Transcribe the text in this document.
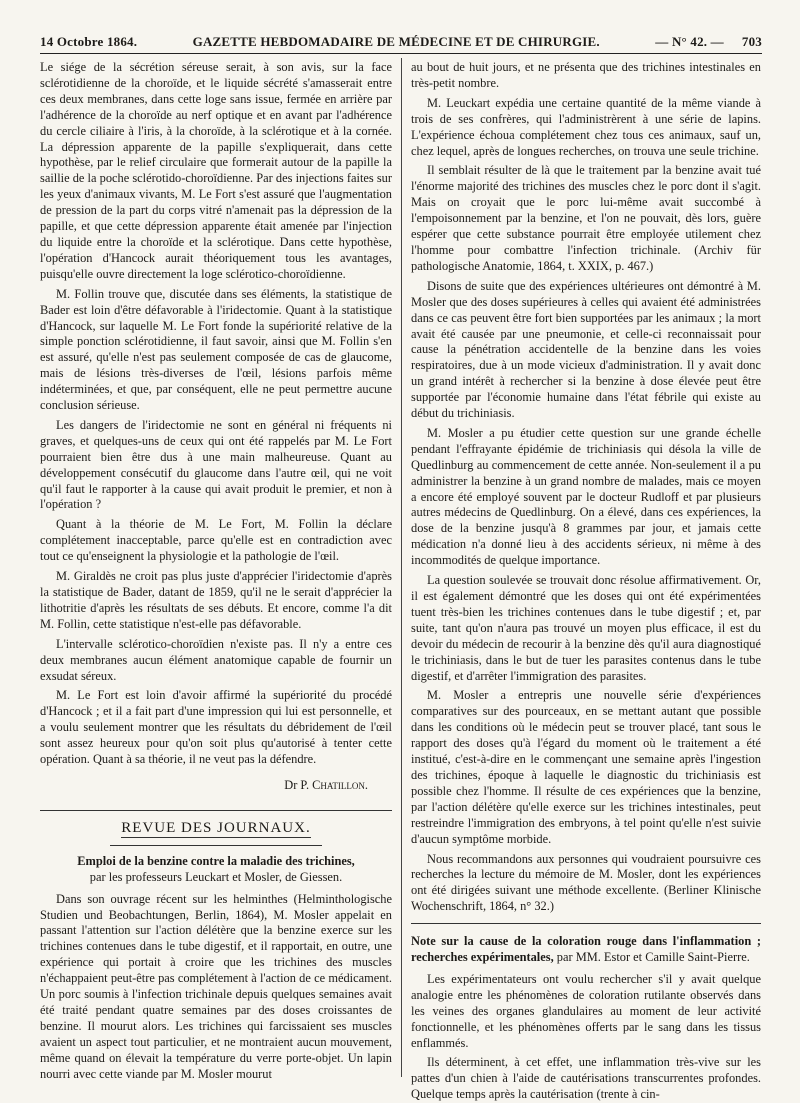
14 Octobre 1864.	GAZETTE HEBDOMADAIRE DE MÉDECINE ET DE CHIRURGIE.	— N° 42. — 703

Le siége de la sécrétion séreuse serait, à son avis, sur la face sclérotidienne de la choroïde, et le liquide sécrété s'amasserait entre ces deux membranes, dans cette loge sans issue, fermée en arrière par l'adhérence de la choroïde au nerf optique et en avant par l'adhérence du cercle ciliaire à l'iris, à la choroïde, à la sclérotique et à la cornée. La dépression apparente de la papille s'expliquerait, dans cette hypothèse, par le relief circulaire que formerait autour de la papille la saillie de la poche sclérotido-choroïdienne. Par des injections faites sur les yeux d'animaux vivants, M. Le Fort s'est assuré que l'augmentation de pression de la part du corps vitré n'amenait pas la dépression de la papille, et que cette dépression apparente était amenée par l'injection du liquide entre la choroïde et la sclérotique. Dans cette hypothèse, l'opération d'Hancock aurait théoriquement tous les avantages, puisqu'elle ouvre directement la loge sclérotico-choroïdienne.

M. Follin trouve que, discutée dans ses éléments, la statistique de Bader est loin d'être défavorable à l'iridectomie. Quant à la statistique d'Hancock, sur laquelle M. Le Fort fonde la supériorité relative de la simple ponction sclérotidienne, il faut savoir, ainsi que M. Follin s'en est assuré, qu'elle n'est pas seulement composée de cas de glaucome, mais de lésions très-diverses de l'œil, lésions parfois même indéterminées, et que, par conséquent, elle ne peut permettre aucune conclusion sérieuse.

Les dangers de l'iridectomie ne sont en général ni fréquents ni graves, et quelques-uns de ceux qui ont été rappelés par M. Le Fort pourraient bien être dus à une main malheureuse. Quant au développement consécutif du glaucome dans l'autre œil, qui ne voit qu'il faut le rapporter à la cause qui avait produit le premier, et non à l'opération ?

Quant à la théorie de M. Le Fort, M. Follin la déclare complétement inacceptable, parce qu'elle est en contradiction avec tout ce qu'enseignent la physiologie et la pathologie de l'œil.

M. Giraldès ne croit pas plus juste d'apprécier l'iridectomie d'après la statistique de Bader, datant de 1859, qu'il ne le serait d'apprécier la lithotritie d'après les résultats de ses débuts. Et encore, comme l'a dit M. Follin, cette statistique n'est-elle pas défavorable.

L'intervalle sclérotico-choroïdien n'existe pas. Il n'y a entre ces deux membranes aucun élément anatomique capable de fournir un exsudat séreux.

M. Le Fort est loin d'avoir affirmé la supériorité du procédé d'Hancock ; et il a fait part d'une impression qui lui est personnelle, et a voulu seulement montrer que les résultats du débridement de l'œil sont assez heureux pour qu'on soit plus qu'autorisé à tenter cette opération. Quant à sa théorie, il ne veut pas la défendre.

Dr P. Chatillon.
REVUE DES JOURNAUX.

Emploi de la benzine contre la maladie des trichines,
par les professeurs Leuckart et Mosler, de Giessen.

Dans son ouvrage récent sur les helminthes (Helminthologische Studien und Beobachtungen, Berlin, 1864), M. Mosler appelait en passant l'attention sur l'action délétère que la benzine exerce sur les trichines contenues dans le tube digestif, et il rapportait, en outre, une expérience qui portait à croire que les trichines des muscles n'échappaient peut-être pas complétement à l'action de ce médicament. Un porc soumis à l'infection trichinale depuis quelques semaines avait été traité pendant quatre semaines par des doses croissantes de benzine. Il mourut alors. Les trichines qui farcissaient ses muscles avaient un aspect tout particulier, et ne montraient aucun mouvement, même quand on élevait la température du verre porte-objet. Un lapin nourri avec cette viande par M. Mosler mourut

au bout de huit jours, et ne présenta que des trichines intestinales en très-petit nombre.

M. Leuckart expédia une certaine quantité de la même viande à trois de ses confrères, qui l'administrèrent à une série de lapins. L'expérience échoua complétement chez tous ces animaux, sauf un, chez lequel, après de longues recherches, on trouva une seule trichine.

Il semblait résulter de là que le traitement par la benzine avait tué l'énorme majorité des trichines des muscles chez le porc dont il s'agit. Mais on croyait que le porc lui-même avait succombé à l'empoisonnement par la benzine, et l'on ne pouvait, dès lors, guère espérer que cette substance pourrait être employée utilement chez l'homme pour combattre l'infection trichinale. (Archiv für pathologische Anatomie, 1864, t. XXIX, p. 467.)

Disons de suite que des expériences ultérieures ont démontré à M. Mosler que des doses supérieures à celles qui avaient été administrées dans ce cas peuvent être fort bien supportées par les animaux ; la mort avait été causée par une pneumonie, et celle-ci reconnaissait pour cause la pénétration accidentelle de la benzine dans les voies respiratoires, due à un mode vicieux d'administration. Il y avait donc un grand intérêt à rechercher si la benzine à dose élevée peut être supportée par l'économie humaine dans l'état fébrile qui existe au début du trichiniasis.

M. Mosler a pu étudier cette question sur une grande échelle pendant l'effrayante épidémie de trichiniasis qui désola la ville de Quedlinburg au commencement de cette année. Non-seulement il a pu administrer la benzine à un grand nombre de malades, mais ce moyen a encore été employé souvent par le docteur Rudloff et par plusieurs autres médecins de Quedlinburg. On a élevé, dans ces expériences, la dose de la benzine jusqu'à 8 grammes par jour, et jamais cette médication n'a donné lieu à des accidents sérieux, ni même à des incommodités de quelque importance.

La question soulevée se trouvait donc résolue affirmativement. Or, il est également démontré que les doses qui ont été expérimentées tuent très-bien les trichines contenues dans le tube digestif ; et, par suite, tant qu'on n'aura pas trouvé un moyen plus efficace, il est du devoir du médecin de recourir à la benzine dès qu'il aura diagnostiqué le trichiniasis, dans le but de tuer les parasites contenus dans le tube digestif, et d'arrêter l'immigration des parasites.

M. Mosler a entrepris une nouvelle série d'expériences comparatives sur des pourceaux, en se mettant autant que possible dans les conditions où le médecin peut se trouver placé, tant sous le rapport des doses qu'à l'égard du moment où le traitement a été institué, c'est-à-dire en le commençant une semaine après l'ingestion des trichines, époque à laquelle le diagnostic du trichiniasis est possible chez l'homme. Il résulte de ces expériences que la benzine, par l'action délétère qu'elle exerce sur les trichines intestinales, peut restreindre l'immigration des embryons, à tel point qu'elle n'est suivie d'aucun symptôme morbide.

Nous recommandons aux personnes qui voudraient poursuivre ces recherches la lecture du mémoire de M. Mosler, dont les expériences ont été dirigées suivant une méthode excellente. (Berliner Klinische Wochenschrift, 1864, n° 32.)

Note sur la cause de la coloration rouge dans l'inflammation ; recherches expérimentales, par MM. Estor et Camille Saint-Pierre.

Les expérimentateurs ont voulu rechercher s'il y avait quelque analogie entre les phénomènes de coloration rutilante observés dans les veines des organes glandulaires au moment de leur activité fonctionnelle, et les phénomènes offerts par le sang dans les tissus enflammés.

Ils déterminent, à cet effet, une inflammation très-vive sur les pattes d'un chien à l'aide de cautérisations transcurrentes profondes. Quelque temps après la cautérisation (trente à cin-
